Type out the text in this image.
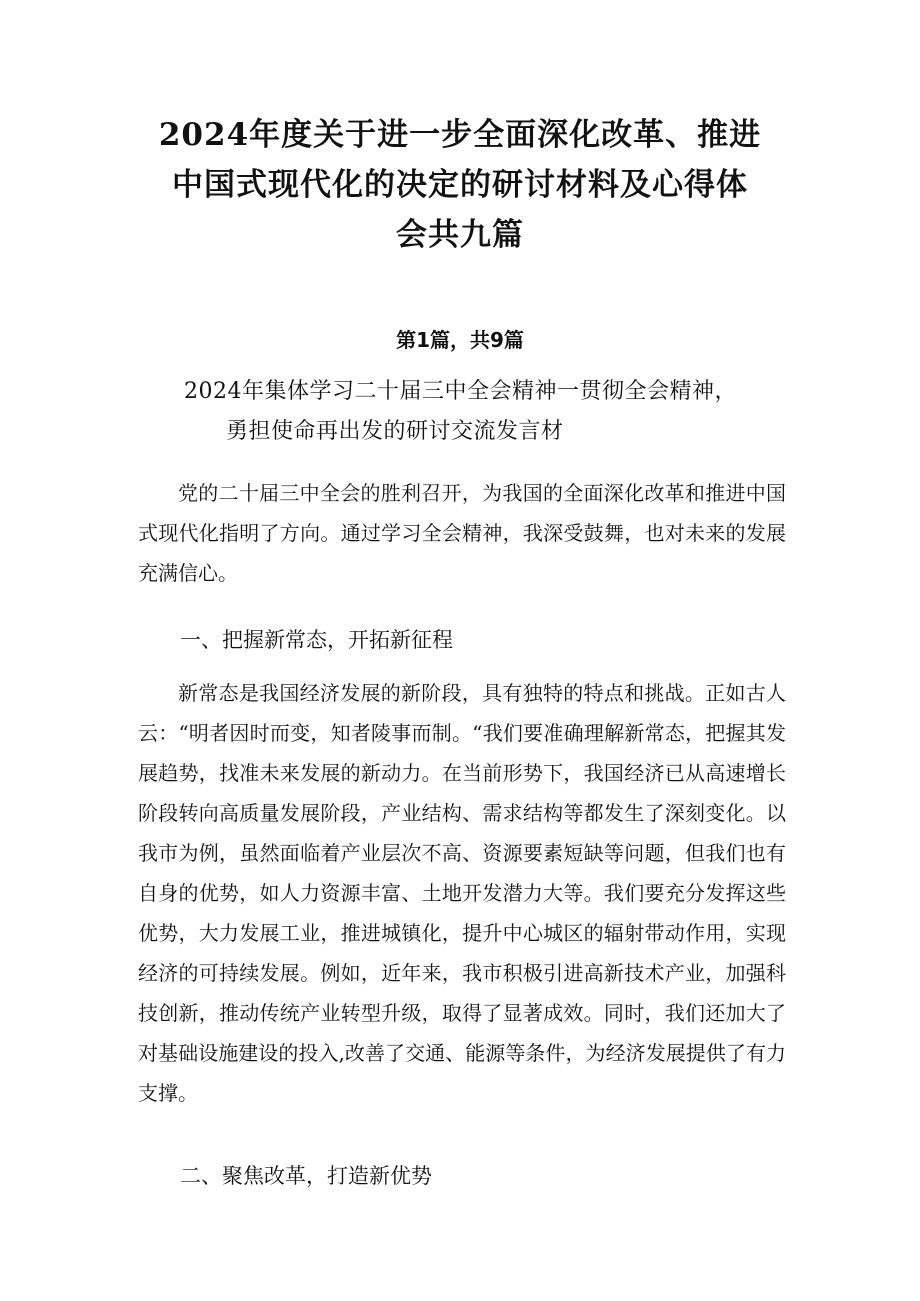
2024年度关于进一步全面深化改革、推进
中国式现代化的决定的研讨材料及心得体
会共九篇
第1篇，共9篇
2024年集体学习二十届三中全会精神一贯彻全会精神，
勇担使命再出发的研讨交流发言材

党的二十届三中全会的胜利召开，为我国的全面深化改革和推进中国式现代化指明了方向。通过学习全会精神，我深受鼓舞，也对未来的发展充满信心。

一、把握新常态，开拓新征程

新常态是我国经济发展的新阶段，具有独特的特点和挑战。正如古人云：“明者因时而变，知者陵事而制。“我们要准确理解新常态，把握其发展趋势，找准未来发展的新动力。在当前形势下，我国经济已从高速增长阶段转向高质量发展阶段，产业结构、需求结构等都发生了深刻变化。以我市为例，虽然面临着产业层次不高、资源要素短缺等问题，但我们也有自身的优势，如人力资源丰富、土地开发潜力大等。我们要充分发挥这些优势，大力发展工业，推进城镇化，提升中心城区的辐射带动作用，实现经济的可持续发展。例如，近年来，我市积极引进高新技术产业，加强科技创新，推动传统产业转型升级，取得了显著成效。同时，我们还加大了对基础设施建设的投入,改善了交通、能源等条件，为经济发展提供了有力支撑。

二、聚焦改革，打造新优势
